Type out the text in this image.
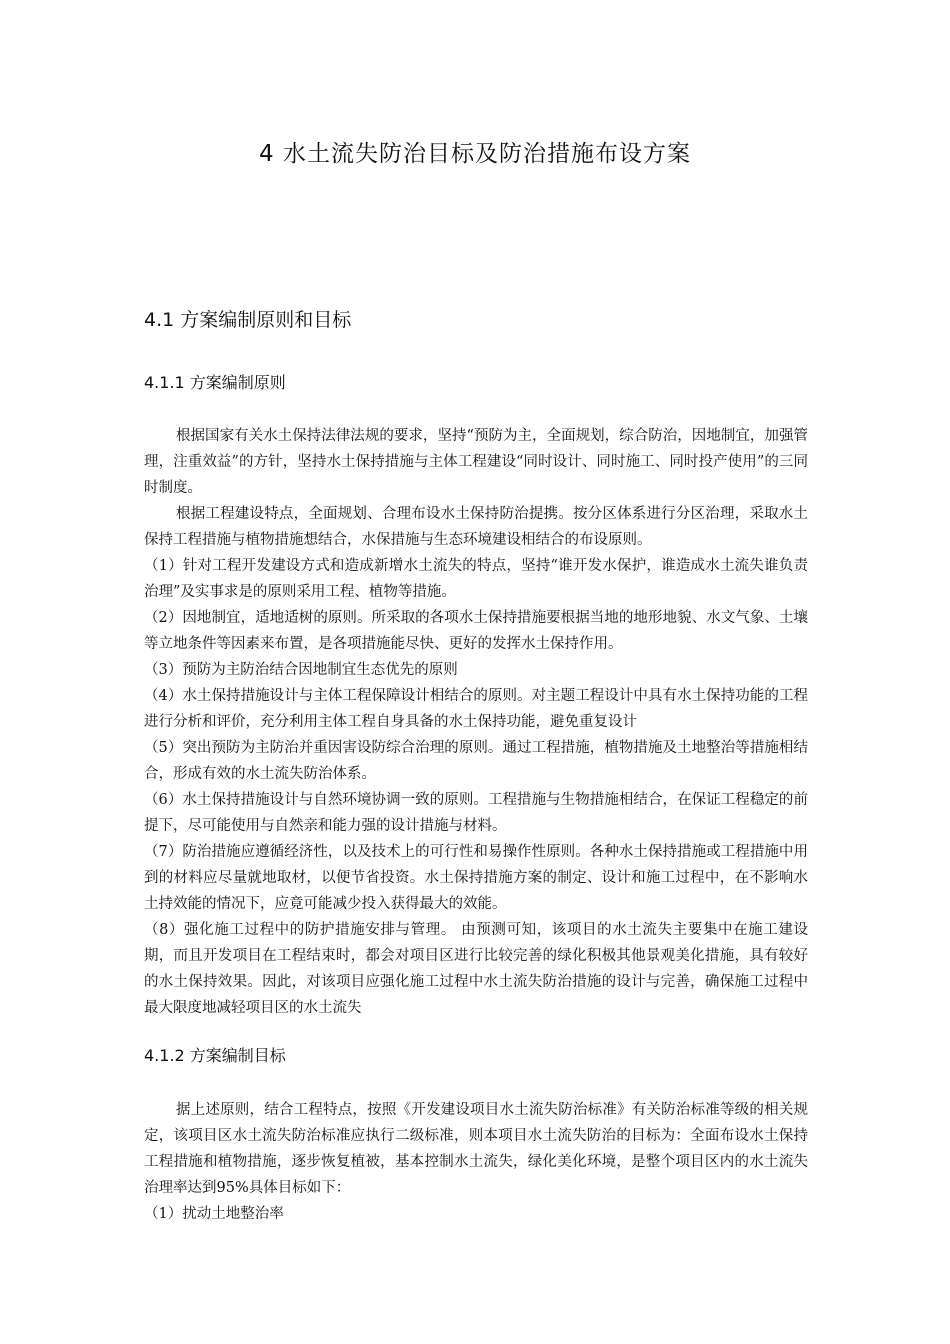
4 水土流失防治目标及防治措施布设方案
4.1 方案编制原则和目标
4.1.1 方案编制原则

根据国家有关水土保持法律法规的要求，坚持“预防为主，全面规划，综合防治，因地制宜，加强管理，注重效益”的方针，坚持水土保持措施与主体工程建设“同时设计、同时施工、同时投产使用”的三同时制度。

根据工程建设特点，全面规划、合理布设水土保持防治提携。按分区体系进行分区治理，采取水土保持工程措施与植物措施想结合，水保措施与生态环境建设相结合的布设原则。

（1）针对工程开发建设方式和造成新增水土流失的特点，坚持“谁开发水保护，谁造成水土流失谁负责治理”及实事求是的原则采用工程、植物等措施。

（2）因地制宜，适地适树的原则。所采取的各项水土保持措施要根据当地的地形地貌、水文气象、土壤等立地条件等因素来布置，是各项措施能尽快、更好的发挥水土保持作用。

（3）预防为主防治结合因地制宜生态优先的原则

（4）水土保持措施设计与主体工程保障设计相结合的原则。对主题工程设计中具有水土保持功能的工程进行分析和评价，充分利用主体工程自身具备的水土保持功能，避免重复设计

（5）突出预防为主防治并重因害设防综合治理的原则。通过工程措施，植物措施及土地整治等措施相结合，形成有效的水土流失防治体系。

（6）水土保持措施设计与自然环境协调一致的原则。工程措施与生物措施相结合，在保证工程稳定的前提下，尽可能使用与自然亲和能力强的设计措施与材料。

（7）防治措施应遵循经济性，以及技术上的可行性和易操作性原则。各种水土保持措施或工程措施中用到的材料应尽量就地取材，以便节省投资。水土保持措施方案的制定、设计和施工过程中，在不影响水土持效能的情况下，应竟可能减少投入获得最大的效能。

（8）强化施工过程中的防护措施安排与管理。 由预测可知，该项目的水土流失主要集中在施工建设期，而且开发项目在工程结束时，都会对项目区进行比较完善的绿化积极其他景观美化措施，具有较好的水土保持效果。因此，对该项目应强化施工过程中水土流失防治措施的设计与完善，确保施工过程中最大限度地减轻项目区的水土流失

4.1.2 方案编制目标

据上述原则，结合工程特点，按照《开发建设项目水土流失防治标准》有关防治标准等级的相关规定，该项目区水土流失防治标准应执行二级标准，则本项目水土流失防治的目标为：全面布设水土保持工程措施和植物措施，逐步恢复植被，基本控制水土流失，绿化美化环境，是整个项目区内的水土流失治理率达到95%具体目标如下：

（1）扰动土地整治率
